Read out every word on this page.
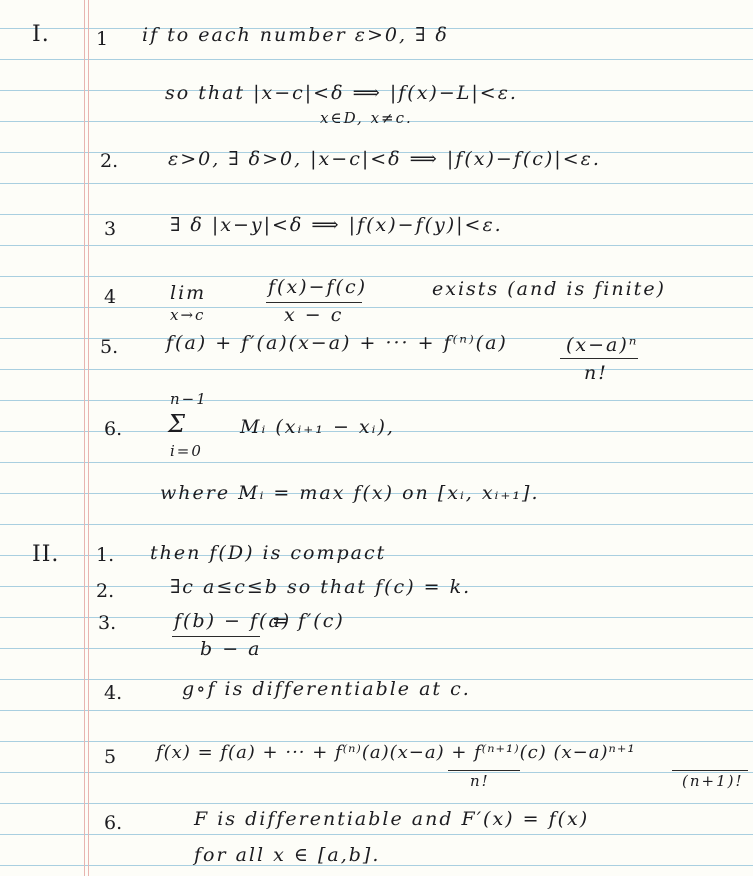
I. 1 if to each number ε>0, ∃ δ
so that |x−c|<δ ⟹ |f(x)−L|<ε.
x∈D, x≠c.
2.	ε>0, ∃ δ>0, |x−c|<δ ⟹ |f(x)−f(c)|<ε.
3	∃ δ |x−y|<δ ⟹ |f(x)−f(y)|<ε.
4	lim	f(x)−f(c)
x − c
exists (and is finite)
x→c
5.	f(a) + f′(a)(x−a) + ··· + f⁽ⁿ⁾(a)	(x−a)ⁿ
n!
n−1
6. Σ	Mᵢ (xᵢ₊₁ − xᵢ),
i=0
where Mᵢ = max f(x) on [xᵢ, xᵢ₊₁].
II. 1. then f(D) is compact
2.	∃c a≤c≤b so that f(c) = k.
3.	f(b) − f(a)
b − a
= f′(c)
4.	g∘f is differentiable at c.
5 f(x) = f(a) + ··· + f⁽ⁿ⁾(a)(x−a) + f⁽ⁿ⁺¹⁾(c) (x−a)ⁿ⁺¹
n!	(n+1)!
6.	F is differentiable and F′(x) = f(x)
for all x ∈ [a,b].
